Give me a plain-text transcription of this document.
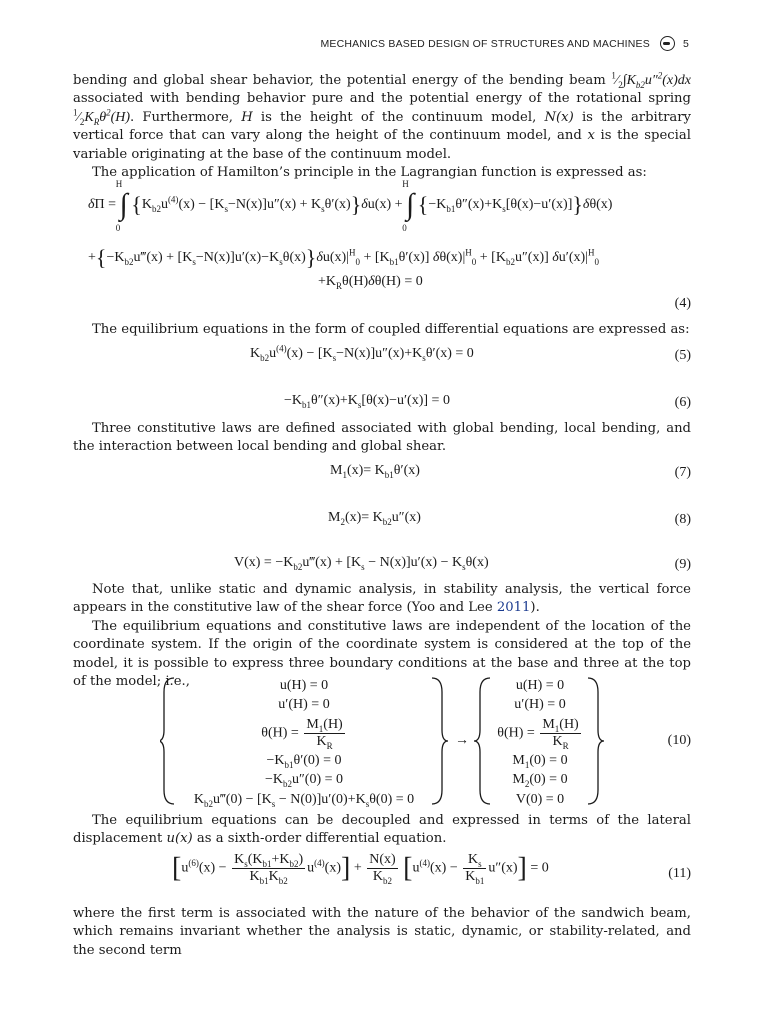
MECHANICS BASED DESIGN OF STRUCTURES AND MACHINES	5
bending and global shear behavior, the potential energy of the bending beam $^1⁄_2\int K_{b2}u''^2(x)dx$ associated with bending behavior pure and the potential energy of the rotational spring $^1⁄_2K_R\theta^2(H)$. Furthermore, H is the height of the continuum model, N(x) is the arbitrary vertical force that can vary along the height of the continuum model, and x is the special variable originating at the base of the continuum model.
The application of Hamilton’s principle in the Lagrangian function is expressed as:
δΠ = ∫
H
0
$\{K_{b2}u^{(4)}(x) - [K_s-N(x)]u''(x) + K_s\theta'(x)\}\delta u(x)$ + ∫
H
0
$\{-K_{b1}\theta''(x)+K_s[\theta(x)-u'(x)]\}\delta\theta(x)$
$+\{-K_{b2}u‴(x) + [K_s-N(x)]u'(x)-K_s\theta(x)\}\delta u(x)|^H_0 + [K_{b1}\theta'(x)] \delta\theta(x)|^H_0 + [K_{b2}u''(x)]$ $\delta u'(x)|^H_0$
$+K_R\theta(H)\delta\theta(H) = 0$
(4)
The equilibrium equations in the form of coupled differential equations are expressed as:
$K_{b2}u^{(4)}(x) - [K_s-N(x)]u''(x)+K_s\theta'(x) = 0$	(5)
$-K_{b1}\theta''(x)+K_s[\theta(x)-u'(x)] = 0$	(6)
Three constitutive laws are defined associated with global bending, local bending, and the interaction between local bending and global shear.
$M_1(x)= K_{b1}\theta'(x)$	(7)
$M_2(x)= K_{b2}u''(x)$	(8)
$V(x) = -K_{b2}u‴(x) + [K_s - N(x)]u'(x) - K_s\theta(x)$	(9)
Note that, unlike static and dynamic analysis, in stability analysis, the vertical force appears in the constitutive law of the shear force (Yoo and Lee 2011).
The equilibrium equations and constitutive laws are independent of the location of the coordinate system. If the origin of the coordinate system is considered at the top of the model, it is possible to express three boundary conditions at the base and three at the top of the model; i.e.,	u(H) = 0
u′(H) = 0
$\theta(H) = \frac{M_1(H)}{K_R}$
$-K_{b1}\theta'(0) = 0$
$-K_{b2}u''(0) = 0$
$K_{b2}u‴(0) - [K_s - N(0)]u'(0)+K_s\theta(0) = 0$
→
u(H) = 0
u′(H) = 0
$\theta(H) = \frac{M_1(H)}{K_R}$
$M_1(0) = 0$
$M_2(0) = 0$
V(0) = 0
(10)
The equilibrium equations can be decoupled and expressed in terms of the lateral displacement u(x) as a sixth-order differential equation.
$[u^{(6)}(x) - \frac{K_s(K_{b1}+K_{b2})}{K_{b1}K_{b2}} u^{(4)}(x)] + \frac{N(x)}{K_{b2}} [u^{(4)}(x) - \frac{K_s}{K_{b1}} u''(x)] = 0$	(11)
where the first term is associated with the nature of the behavior of the sandwich beam, which remains invariant whether the analysis is static, dynamic, or stability-related, and the second term
